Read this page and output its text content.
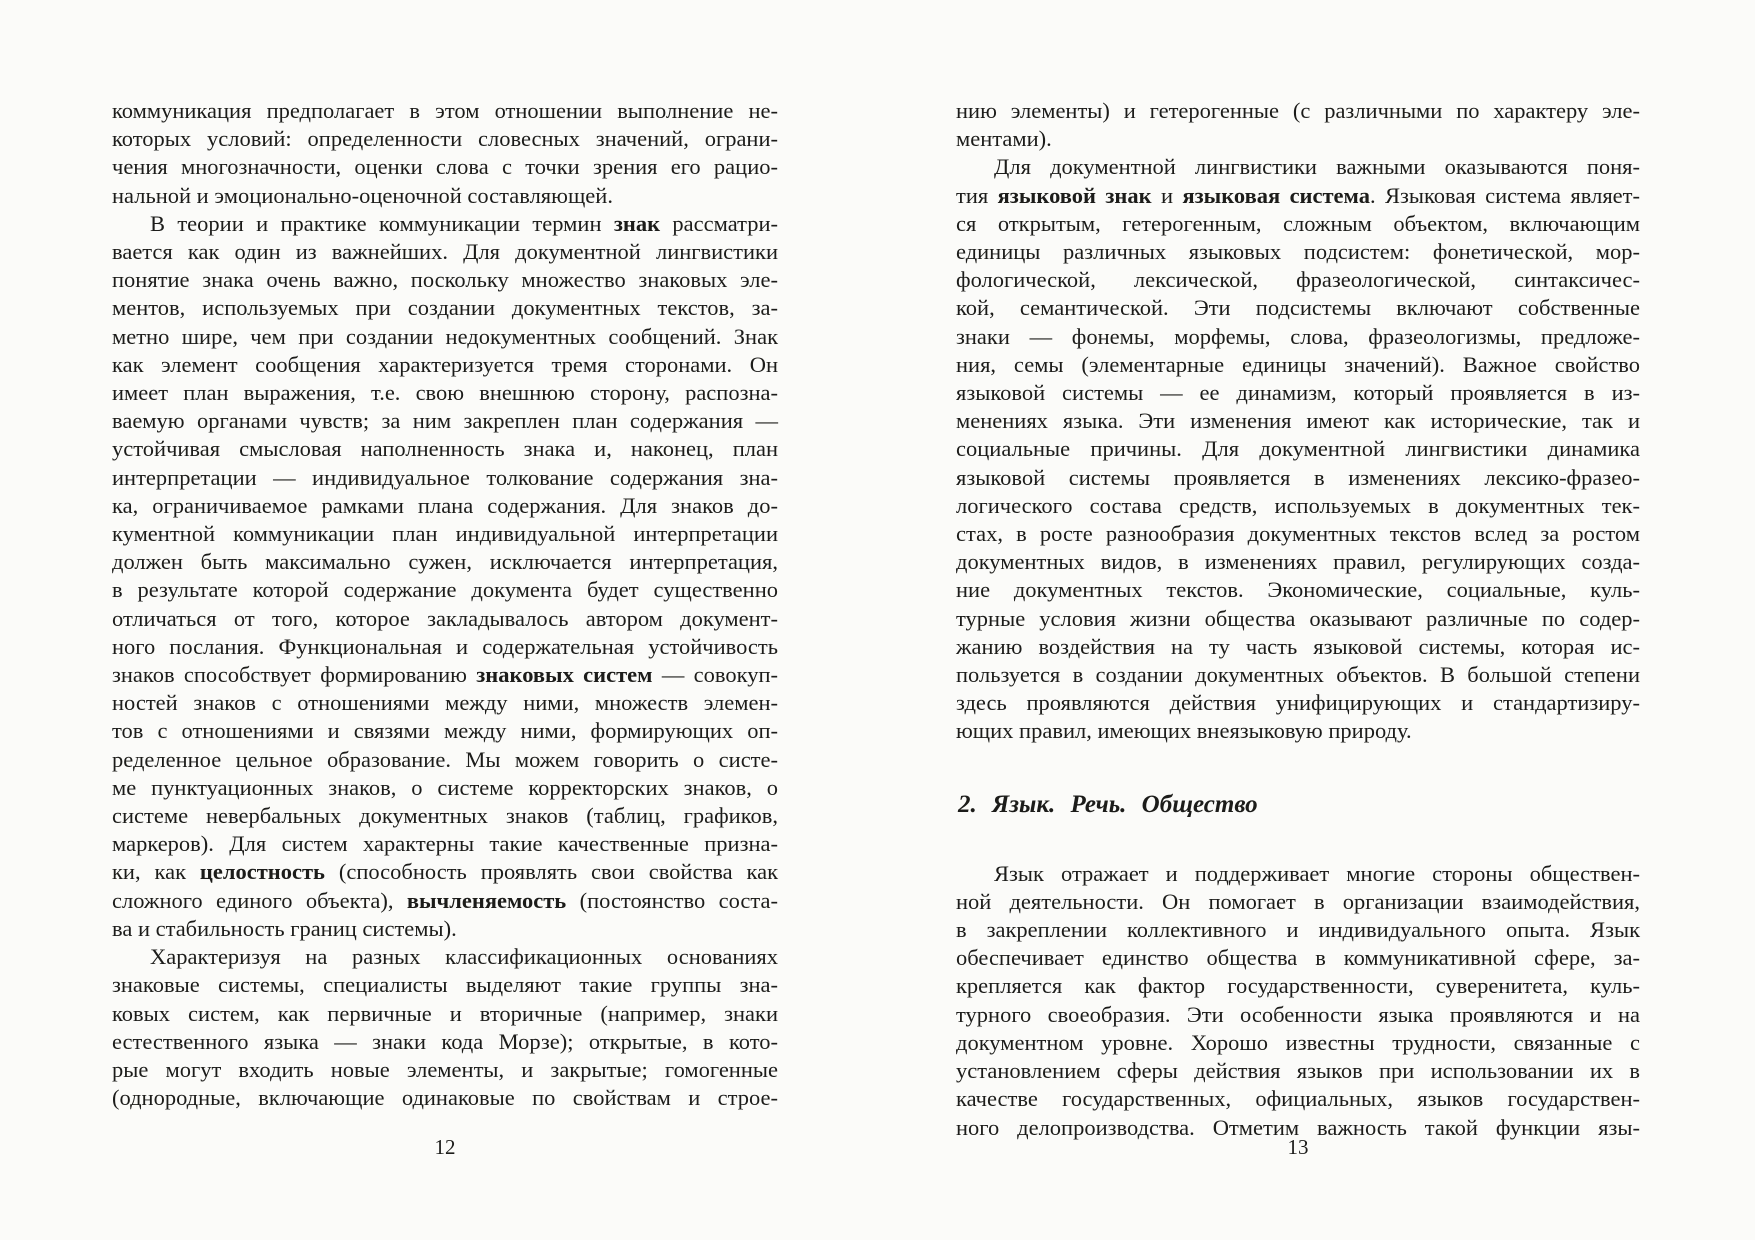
коммуникация предполагает в этом отношении выполнение не-
которых условий: определенности словесных значений, ограни-
чения многозначности, оценки слова с точки зрения его рацио-
нальной и эмоционально-оценочной составляющей.
В теории и практике коммуникации термин знак рассматри-
вается как один из важнейших. Для документной лингвистики
понятие знака очень важно, поскольку множество знаковых эле-
ментов, используемых при создании документных текстов, за-
метно шире, чем при создании недокументных сообщений. Знак
как элемент сообщения характеризуется тремя сторонами. Он
имеет план выражения, т.е. свою внешнюю сторону, распозна-
ваемую органами чувств; за ним закреплен план содержания —
устойчивая смысловая наполненность знака и, наконец, план
интерпретации — индивидуальное толкование содержания зна-
ка, ограничиваемое рамками плана содержания. Для знаков до-
кументной коммуникации план индивидуальной интерпретации
должен быть максимально сужен, исключается интерпретация,
в результате которой содержание документа будет существенно
отличаться от того, которое закладывалось автором документ-
ного послания. Функциональная и содержательная устойчивость
знаков способствует формированию знаковых систем — совокуп-
ностей знаков с отношениями между ними, множеств элемен-
тов с отношениями и связями между ними, формирующих оп-
ределенное цельное образование. Мы можем говорить о систе-
ме пунктуационных знаков, о системе корректорских знаков, о
системе невербальных документных знаков (таблиц, графиков,
маркеров). Для систем характерны такие качественные призна-
ки, как целостность (способность проявлять свои свойства как
сложного единого объекта), вычленяемость (постоянство соста-
ва и стабильность границ системы).
Характеризуя на разных классификационных основаниях
знаковые системы, специалисты выделяют такие группы зна-
ковых систем, как первичные и вторичные (например, знаки
естественного языка — знаки кода Морзе); открытые, в кото-
рые могут входить новые элементы, и закрытые; гомогенные
(однородные, включающие одинаковые по свойствам и строе-
нию элементы) и гетерогенные (с различными по характеру эле-
ментами).
Для документной лингвистики важными оказываются поня-
тия языковой знак и языковая система. Языковая система являет-
ся открытым, гетерогенным, сложным объектом, включающим
единицы различных языковых подсистем: фонетической, мор-
фологической, лексической, фразеологической, синтаксичес-
кой, семантической. Эти подсистемы включают собственные
знаки — фонемы, морфемы, слова, фразеологизмы, предложе-
ния, семы (элементарные единицы значений). Важное свойство
языковой системы — ее динамизм, который проявляется в из-
менениях языка. Эти изменения имеют как исторические, так и
социальные причины. Для документной лингвистики динамика
языковой системы проявляется в изменениях лексико-фразео-
логического состава средств, используемых в документных тек-
стах, в росте разнообразия документных текстов вслед за ростом
документных видов, в изменениях правил, регулирующих созда-
ние документных текстов. Экономические, социальные, куль-
турные условия жизни общества оказывают различные по содер-
жанию воздействия на ту часть языковой системы, которая ис-
пользуется в создании документных объектов. В большой степени
здесь проявляются действия унифицирующих и стандартизиру-
ющих правил, имеющих внеязыковую природу.
2. Язык. Речь. Общество
Язык отражает и поддерживает многие стороны обществен-
ной деятельности. Он помогает в организации взаимодействия,
в закреплении коллективного и индивидуального опыта. Язык
обеспечивает единство общества в коммуникативной сфере, за-
крепляется как фактор государственности, суверенитета, куль-
турного своеобразия. Эти особенности языка проявляются и на
документном уровне. Хорошо известны трудности, связанные с
установлением сферы действия языков при использовании их в
качестве государственных, официальных, языков государствен-
ного делопроизводства. Отметим важность такой функции язы-
12	13
